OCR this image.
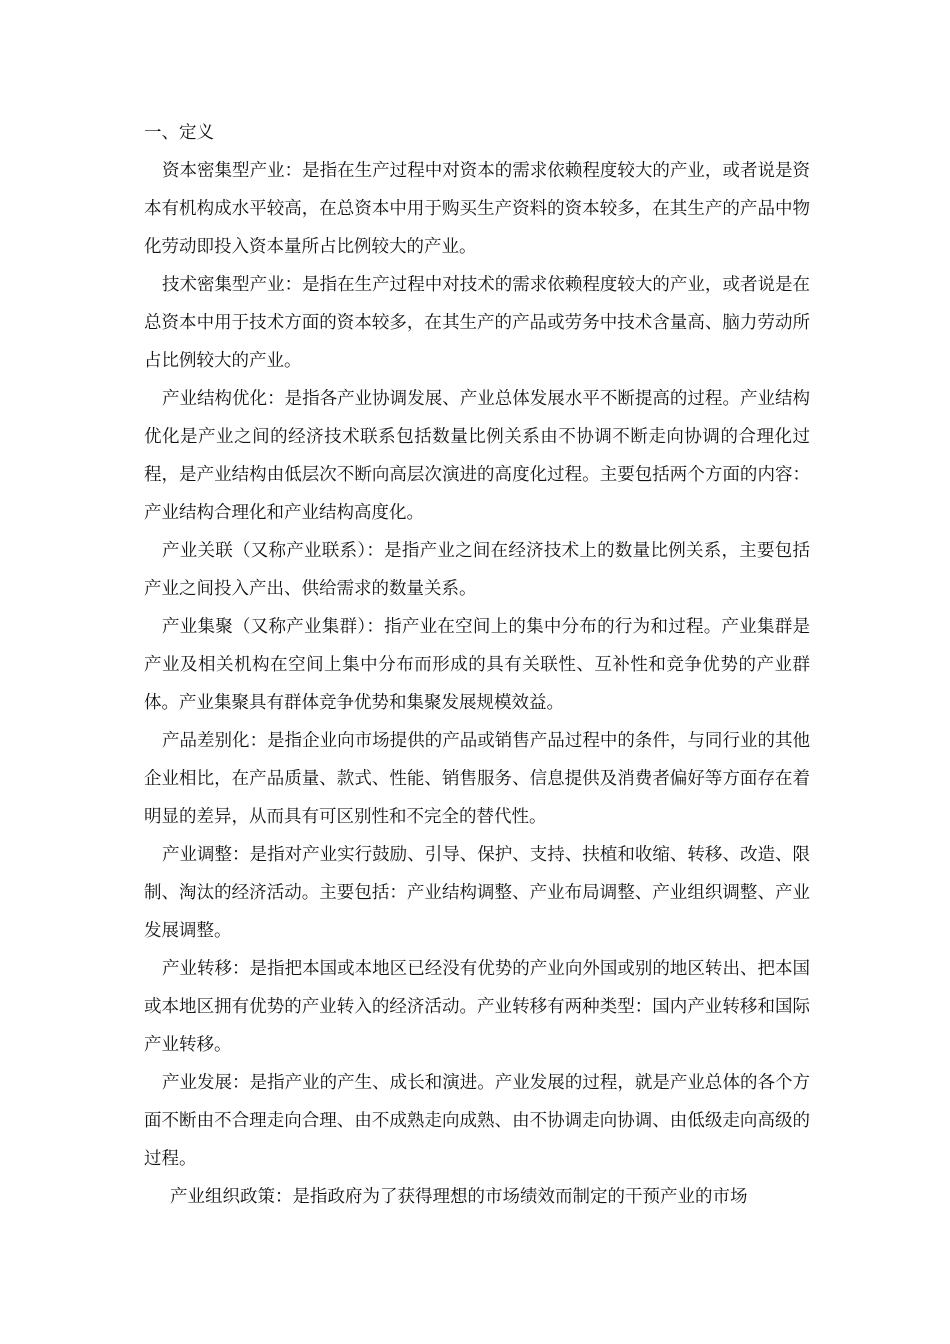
一、定义

资本密集型产业：是指在生产过程中对资本的需求依赖程度较大的产业，或者说是资本有机构成水平较高，在总资本中用于购买生产资料的资本较多，在其生产的产品中物化劳动即投入资本量所占比例较大的产业。

技术密集型产业：是指在生产过程中对技术的需求依赖程度较大的产业，或者说是在总资本中用于技术方面的资本较多，在其生产的产品或劳务中技术含量高、脑力劳动所占比例较大的产业。

产业结构优化：是指各产业协调发展、产业总体发展水平不断提高的过程。产业结构优化是产业之间的经济技术联系包括数量比例关系由不协调不断走向协调的合理化过程，是产业结构由低层次不断向高层次演进的高度化过程。主要包括两个方面的内容：产业结构合理化和产业结构高度化。

产业关联（又称产业联系）：是指产业之间在经济技术上的数量比例关系，主要包括产业之间投入产出、供给需求的数量关系。

产业集聚（又称产业集群）：指产业在空间上的集中分布的行为和过程。产业集群是产业及相关机构在空间上集中分布而形成的具有关联性、互补性和竞争优势的产业群体。产业集聚具有群体竞争优势和集聚发展规模效益。

产品差别化：是指企业向市场提供的产品或销售产品过程中的条件，与同行业的其他企业相比，在产品质量、款式、性能、销售服务、信息提供及消费者偏好等方面存在着明显的差异，从而具有可区别性和不完全的替代性。

产业调整：是指对产业实行鼓励、引导、保护、支持、扶植和收缩、转移、改造、限制、淘汰的经济活动。主要包括：产业结构调整、产业布局调整、产业组织调整、产业发展调整。

产业转移：是指把本国或本地区已经没有优势的产业向外国或别的地区转出、把本国或本地区拥有优势的产业转入的经济活动。产业转移有两种类型：国内产业转移和国际产业转移。

产业发展：是指产业的产生、成长和演进。产业发展的过程，就是产业总体的各个方面不断由不合理走向合理、由不成熟走向成熟、由不协调走向协调、由低级走向高级的过程。

产业组织政策：是指政府为了获得理想的市场绩效而制定的干预产业的市场
